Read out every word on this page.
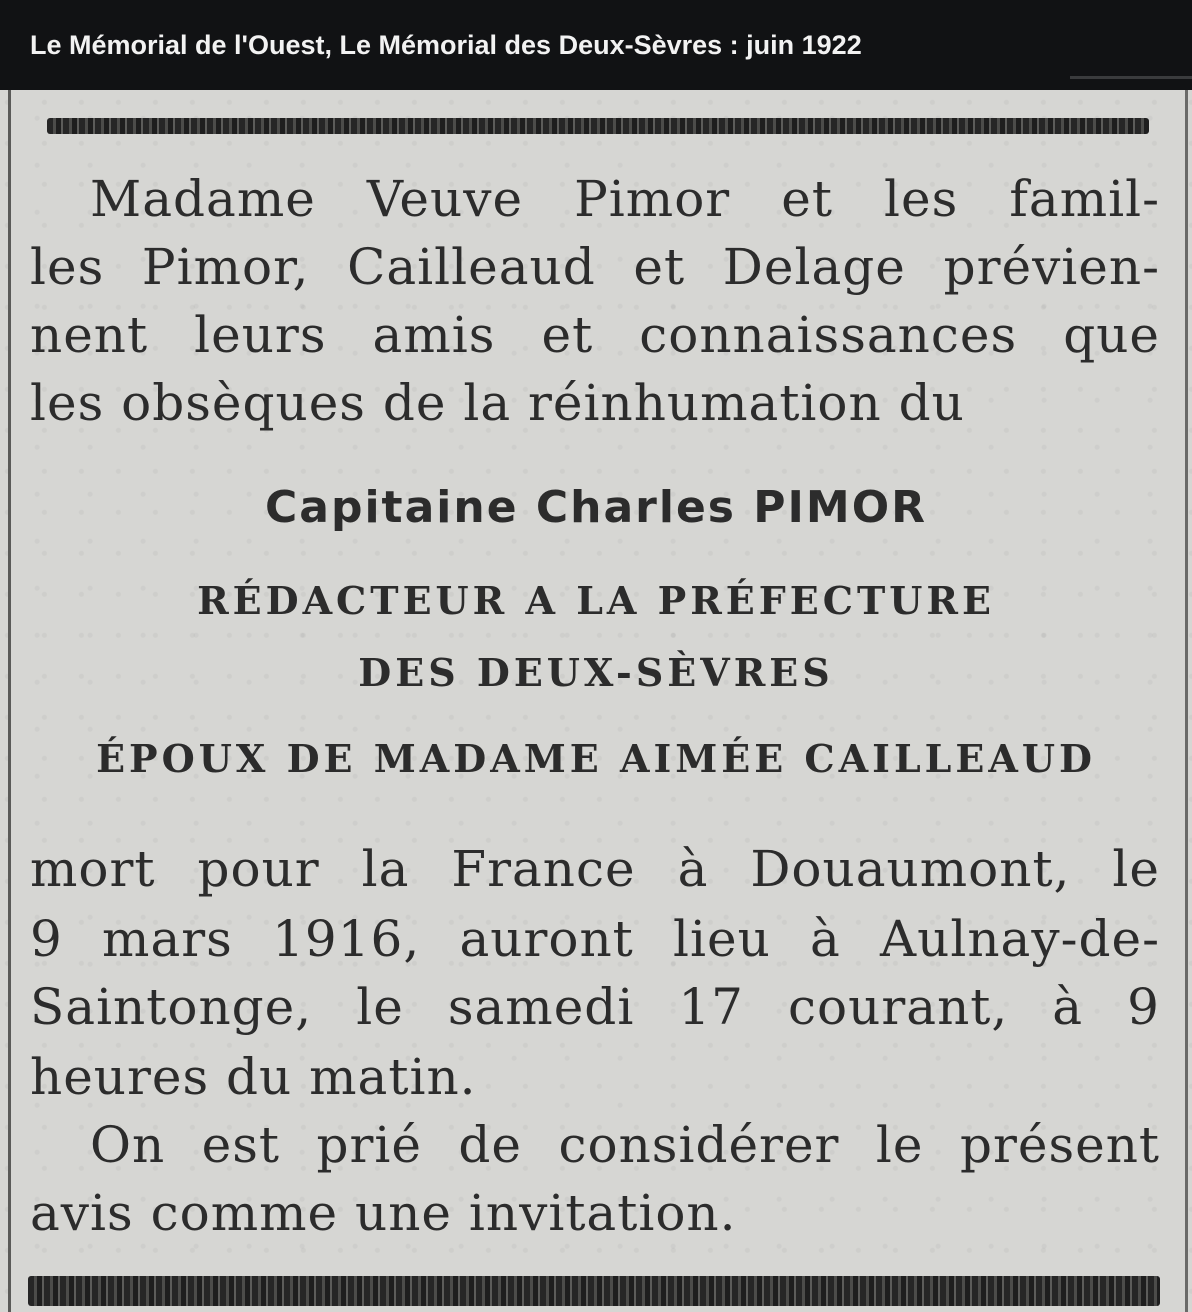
Le Mémorial de l'Ouest, Le Mémorial des Deux-Sèvres : juin 1922
Madame Veuve Pimor et les famil-
les Pimor, Cailleaud et Delage prévien-
nent leurs amis et connaissances que
les obsèques de la réinhumation du
Capitaine Charles PIMOR
RÉDACTEUR A LA PRÉFECTURE
DES DEUX-SÈVRES
ÉPOUX DE MADAME AIMÉE CAILLEAUD
mort pour la France à Douaumont, le
9 mars 1916, auront lieu à Aulnay-de-
Saintonge, le samedi 17 courant, à 9
heures du matin.
On est prié de considérer le présent
avis comme une invitation.
